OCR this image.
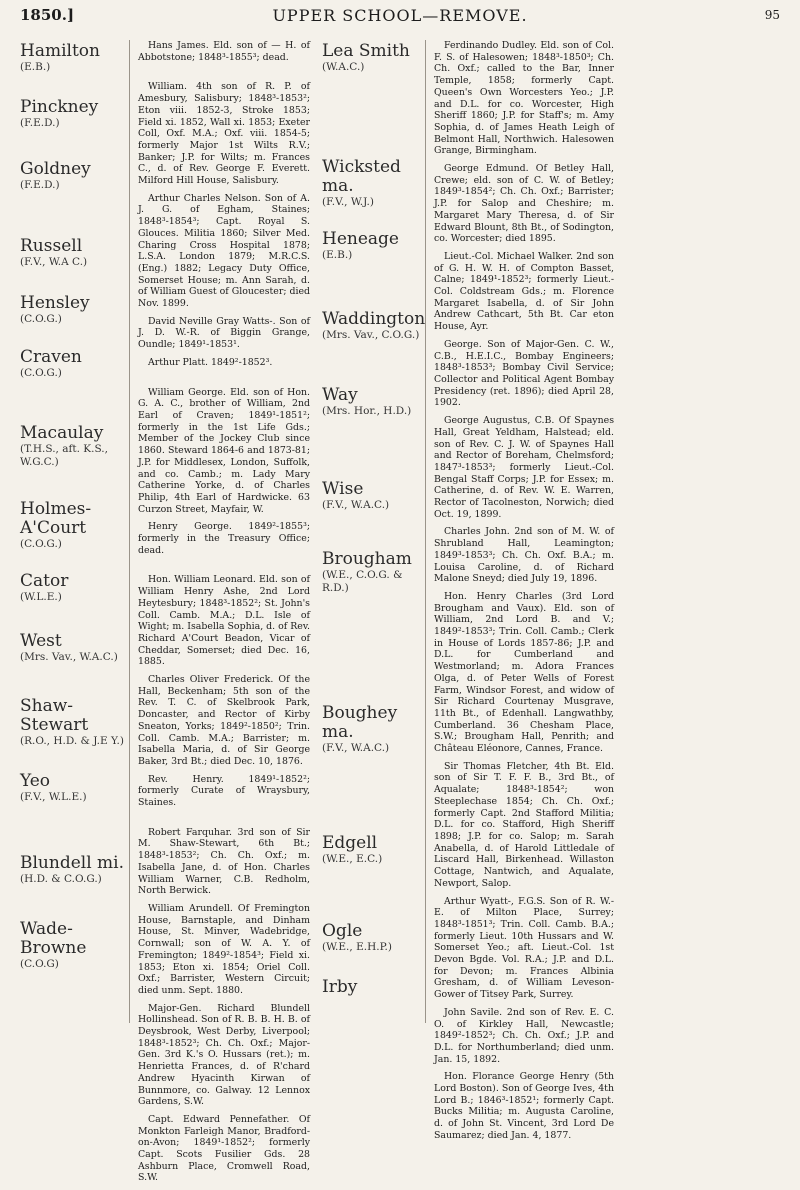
1850.]	UPPER SCHOOL—REMOVE.	95
Hamilton
(E.B.)
Pinckney
(F.E.D.)
Goldney
(F.E.D.)
Russell
(F.V., W.A C.)
Hensley
(C.O.G.)
Craven
(C.O.G.)
Macaulay
(T.H.S., aft. K.S., W.G.C.)
Holmes-A'Court
(C.O.G.)
Cator
(W.L.E.)
West
(Mrs. Vav., W.A.C.)
Shaw-Stewart
(R.O., H.D. & J.E Y.)
Yeo
(F.V., W.L.E.)
Blundell mi.
(H.D. & C.O.G.)
Wade-Browne
(C.O.G)
Hans James. Eld. son of — H. of Abbotstone; 1848³-1855³; dead.
William. 4th son of R. P. of Amesbury, Salisbury; 1848³-1853²; Eton viii. 1852-3, Stroke 1853; Field xi. 1852, Wall xi. 1853; Exeter Coll, Oxf. M.A.; Oxf. viii. 1854-5; formerly Major 1st Wilts R.V.; Banker; J.P. for Wilts; m. Frances C., d. of Rev. George F. Everett. Milford Hill House, Salisbury.
Arthur Charles Nelson. Son of A. J. G. of Egham, Staines; 1848³-1854³; Capt. Royal S. Glouces. Militia 1860; Silver Med. Charing Cross Hospital 1878; L.S.A. London 1879; M.R.C.S. (Eng.) 1882; Legacy Duty Office, Somerset House; m. Ann Sarah, d. of William Guest of Gloucester; died Nov. 1899.
David Neville Gray Watts-. Son of J. D. W.-R. of Biggin Grange, Oundle; 1849¹-1853¹.
Arthur Platt. 1849²-1852³.
William George. Eld. son of Hon. G. A. C., brother of William, 2nd Earl of Craven; 1849¹-1851²; formerly in the 1st Life Gds.; Member of the Jockey Club since 1860. Steward 1864-6 and 1873-81; J.P. for Middlesex, London, Suffolk, and co. Camb.; m. Lady Mary Catherine Yorke, d. of Charles Philip, 4th Earl of Hardwicke. 63 Curzon Street, Mayfair, W.
Henry George. 1849²-1855³; formerly in the Treasury Office; dead.
Hon. William Leonard. Eld. son of William Henry Ashe, 2nd Lord Heytesbury; 1848³-1852²; St. John's Coll. Camb. M.A.; D.L. Isle of Wight; m. Isabella Sophia, d. of Rev. Richard A'Court Beadon, Vicar of Cheddar, Somerset; died Dec. 16, 1885.
Charles Oliver Frederick. Of the Hall, Beckenham; 5th son of the Rev. T. C. of Skelbrook Park, Doncaster, and Rector of Kirby Sneaton, Yorks; 1849²-1850²; Trin. Coll. Camb. M.A.; Barrister; m. Isabella Maria, d. of Sir George Baker, 3rd Bt.; died Dec. 10, 1876.
Rev. Henry. 1849¹-1852²; formerly Curate of Wraysbury, Staines.
Robert Farquhar. 3rd son of Sir M. Shaw-Stewart, 6th Bt.; 1848³-1853²; Ch. Ch. Oxf.; m. Isabella Jane, d. of Hon. Charles William Warner, C.B. Redholm, North Berwick.
William Arundell. Of Fremington House, Barnstaple, and Dinham House, St. Minver, Wadebridge, Cornwall; son of W. A. Y. of Fremington; 1849²-1854³; Field xi. 1853; Eton xi. 1854; Oriel Coll. Oxf.; Barrister, Western Circuit; died unm. Sept. 1880.
Major-Gen. Richard Blundell Hollinshead. Son of R. B. B. H. B. of Deysbrook, West Derby, Liverpool; 1848³-1852³; Ch. Ch. Oxf.; Major-Gen. 3rd K.'s O. Hussars (ret.); m. Henrietta Frances, d. of R'chard Andrew Hyacinth Kirwan of Bunnmore, co. Galway. 12 Lennox Gardens, S.W.
Capt. Edward Pennefather. Of Monkton Farleigh Manor, Bradford-on-Avon; 1849¹-1852²; formerly Capt. Scots Fusilier Gds. 28 Ashburn Place, Cromwell Road, S.W.
Lea Smith
(W.A.C.)
Wicksted ma.
(F.V., W.J.)
Heneage
(E.B.)
Waddington
(Mrs. Vav., C.O.G.)
Way
(Mrs. Hor., H.D.)
Wise
(F.V., W.A.C.)
Brougham
(W.E., C.O.G. & R.D.)
Boughey ma.
(F.V., W.A.C.)
Edgell
(W.E., E.C.)
Ogle
(W.E., E.H.P.)
Irby
Ferdinando Dudley. Eld. son of Col. F. S. of Halesowen; 1848³-1850³; Ch. Ch. Oxf.; called to the Bar, Inner Temple, 1858; formerly Capt. Queen's Own Worcesters Yeo.; J.P. and D.L. for co. Worcester, High Sheriff 1860; J.P. for Staff's; m. Amy Sophia, d. of James Heath Leigh of Belmont Hall, Northwich. Halesowen Grange, Birmingham.
George Edmund. Of Betley Hall, Crewe; eld. son of C. W. of Betley; 1849³-1854²; Ch. Ch. Oxf.; Barrister; J.P. for Salop and Cheshire; m. Margaret Mary Theresa, d. of Sir Edward Blount, 8th Bt., of Sodington, co. Worcester; died 1895.
Lieut.-Col. Michael Walker. 2nd son of G. H. W. H. of Compton Basset, Calne; 1849¹-1852³; formerly Lieut.-Col. Coldstream Gds.; m. Florence Margaret Isabella, d. of Sir John Andrew Cathcart, 5th Bt. Car eton House, Ayr.
George. Son of Major-Gen. C. W., C.B., H.E.I.C., Bombay Engineers; 1848³-1853³; Bombay Civil Service; Collector and Political Agent Bombay Presidency (ret. 1896); died April 28, 1902.
George Augustus, C.B. Of Spaynes Hall, Great Yeldham, Halstead; eld. son of Rev. C. J. W. of Spaynes Hall and Rector of Boreham, Chelmsford; 1847³-1853³; formerly Lieut.-Col. Bengal Staff Corps; J.P. for Essex; m. Catherine, d. of Rev. W. E. Warren, Rector of Tacolneston, Norwich; died Oct. 19, 1899.
Charles John. 2nd son of M. W. of Shrubland Hall, Leamington; 1849³-1853³; Ch. Ch. Oxf. B.A.; m. Louisa Caroline, d. of Richard Malone Sneyd; died July 19, 1896.
Hon. Henry Charles (3rd Lord Brougham and Vaux). Eld. son of William, 2nd Lord B. and V.; 1849²-1853³; Trin. Coll. Camb.; Clerk in House of Lords 1857-86; J.P. and D.L. for Cumberland and Westmorland; m. Adora Frances Olga, d. of Peter Wells of Forest Farm, Windsor Forest, and widow of Sir Richard Courtenay Musgrave, 11th Bt., of Edenhall. Langwathby, Cumberland. 36 Chesham Place, S.W.; Brougham Hall, Penrith; and Château Eléonore, Cannes, France.
Sir Thomas Fletcher, 4th Bt. Eld. son of Sir T. F. F. B., 3rd Bt., of Aqualate; 1848³-1854²; won Steeplechase 1854; Ch. Ch. Oxf.; formerly Capt. 2nd Stafford Militia; D.L. for co. Stafford, High Sheriff 1898; J.P. for co. Salop; m. Sarah Anabella, d. of Harold Littledale of Liscard Hall, Birkenhead. Willaston Cottage, Nantwich, and Aqualate, Newport, Salop.
Arthur Wyatt-, F.G.S. Son of R. W.-E. of Milton Place, Surrey; 1848³-1851³; Trin. Coll. Camb. B.A.; formerly Lieut. 10th Hussars and W. Somerset Yeo.; aft. Lieut.-Col. 1st Devon Bgde. Vol. R.A.; J.P. and D.L. for Devon; m. Frances Albinia Gresham, d. of William Leveson-Gower of Titsey Park, Surrey.
John Savile. 2nd son of Rev. E. C. O. of Kirkley Hall, Newcastle; 1849²-1852³; Ch. Ch. Oxf.; J.P. and D.L. for Northumberland; died unm. Jan. 15, 1892.
Hon. Florance George Henry (5th Lord Boston). Son of George Ives, 4th Lord B.; 1846³-1852¹; formerly Capt. Bucks Militia; m. Augusta Caroline, d. of John St. Vincent, 3rd Lord De Saumarez; died Jan. 4, 1877.
